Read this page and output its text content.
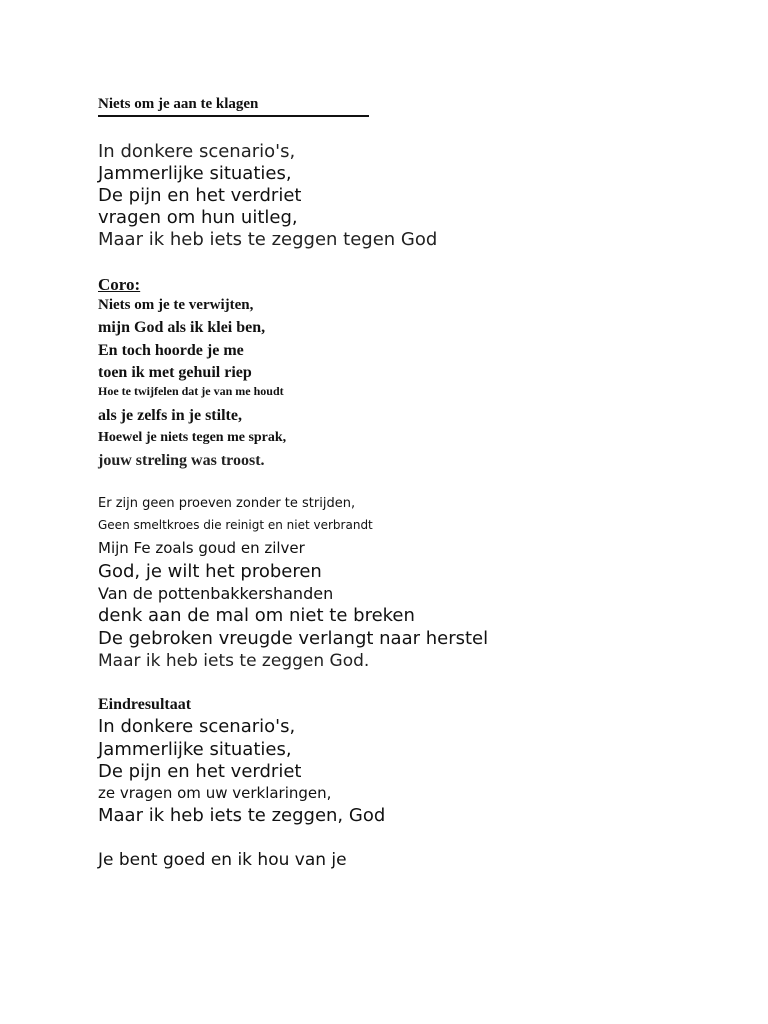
Niets om je aan te klagen
In donkere scenario's,
Jammerlijke situaties,
De pijn en het verdriet
vragen om hun uitleg,
Maar ik heb iets te zeggen tegen God
Coro:
Niets om je te verwijten,
mijn God als ik klei ben,
En toch hoorde je me
toen ik met gehuil riep
Hoe te twijfelen dat je van me houdt
als je zelfs in je stilte,
Hoewel je niets tegen me sprak,
jouw streling was troost.
Er zijn geen proeven zonder te strijden,
Geen smeltkroes die reinigt en niet verbrandt
Mijn Fe zoals goud en zilver
God, je wilt het proberen
Van de pottenbakkershanden
denk aan de mal om niet te breken
De gebroken vreugde verlangt naar herstel
Maar ik heb iets te zeggen God.
Eindresultaat
In donkere scenario's,
Jammerlijke situaties,
De pijn en het verdriet
ze vragen om uw verklaringen,
Maar ik heb iets te zeggen, God
Je bent goed en ik hou van je
